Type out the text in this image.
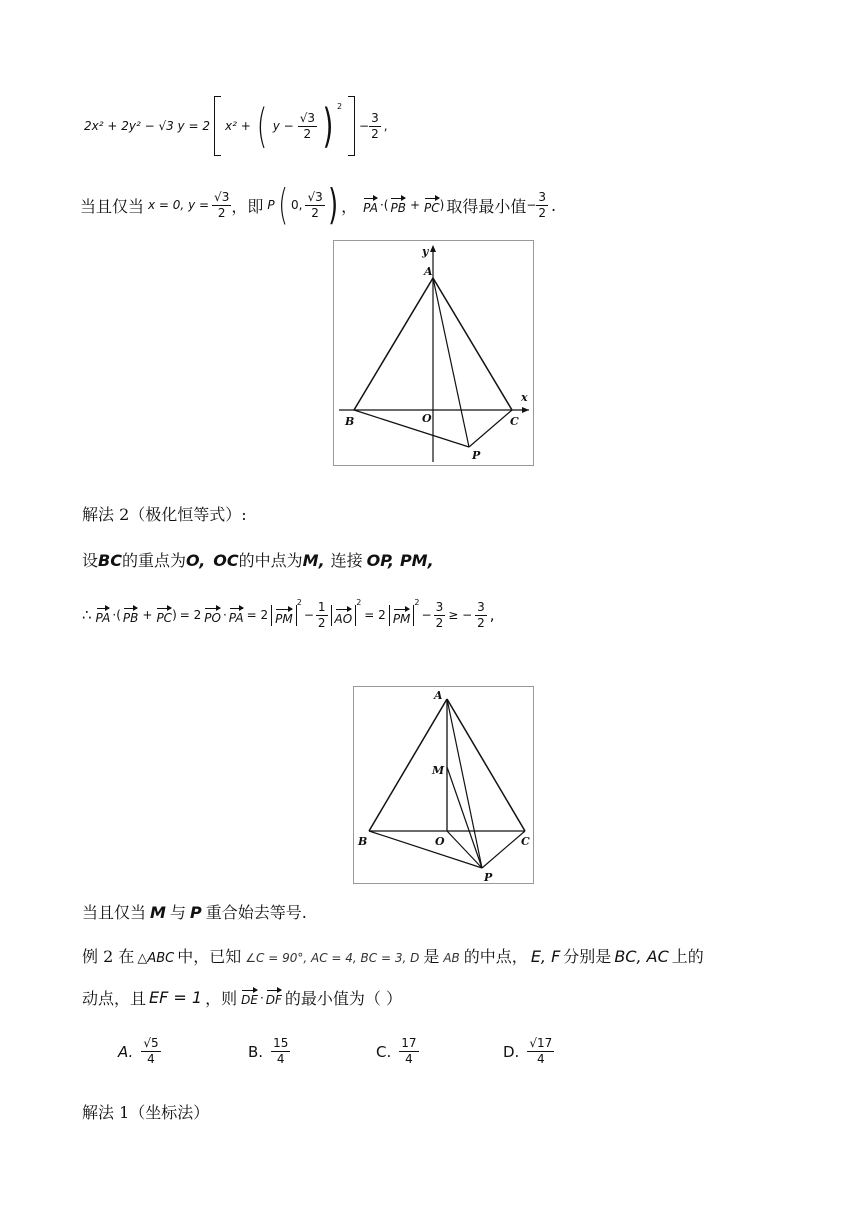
2x² + 2y² − √3 y = 2 x² + ( $y - \frac{√3}{2}$ ) 2
− $\frac{3}{2}$ ,
当且仅当 x = 0, $y = \frac{√3}{2}$ ，即 P ( 0, $\frac{√3}{2}$ ) ， PA ·( PB + PC ) 取得最小值 − $\frac{3}{2}$ .
y
x
A
B	O	C
P
解法 2（极化恒等式）:
设 BC 的重点为 O, OC 的中点为 M, 连接 OP, PM,
∴ PA ·( PB + PC ) = 2 PO · PA = 2 PM
2
− $\frac{1}{2}$ AO
2
= 2 PM
2
− $\frac{3}{2}$ ≥ − $\frac{3}{2}$ ,
A
M
B	O	C
P
当且仅当 M 与 P 重合始去等号.
例 2 在 △ABC 中，已知 ∠C = 90°, AC = 4, BC = 3, D 是 AB 的中点， E, F 分别是 BC, AC 上的
动点，且 EF = 1 ，则 DE · DF 的最小值为（ ）
A. $\frac{√5}{4}$	B. $\frac{15}{4}$	C. $\frac{17}{4}$	D. $\frac{√17}{4}$
解法 1（坐标法）
